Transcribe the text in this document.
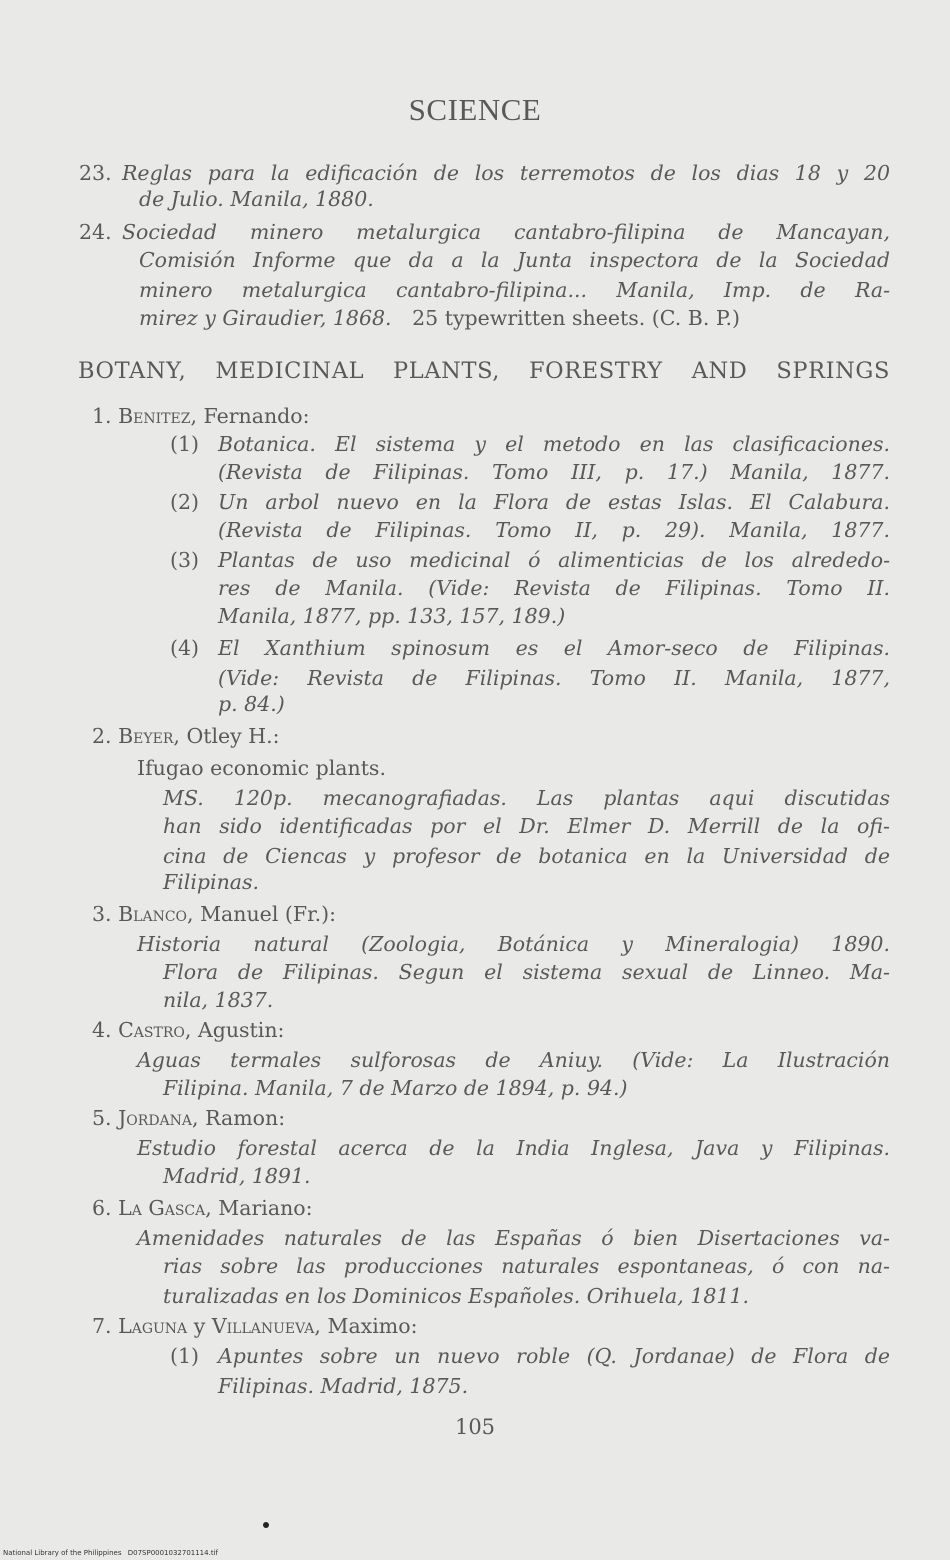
SCIENCE
23. Reglas para la edificación de los terremotos de los dias 18 y 20
de Julio. Manila, 1880.
24. Sociedad minero metalurgica cantabro-filipina de Mancayan,
Comisión Informe que da a la Junta inspectora de la Sociedad
minero metalurgica cantabro-filipina... Manila, Imp. de Ra-
mirez y Giraudier, 1868. 25 typewritten sheets. (C. B. P.)
BOTANY, MEDICINAL PLANTS, FORESTRY AND SPRINGS
1. Benitez, Fernando:
(1) Botanica. El sistema y el metodo en las clasificaciones.
(Revista de Filipinas. Tomo III, p. 17.) Manila, 1877.
(2) Un arbol nuevo en la Flora de estas Islas. El Calabura.
(Revista de Filipinas. Tomo II, p. 29). Manila, 1877.
(3) Plantas de uso medicinal ó alimenticias de los alrededo-
res de Manila. (Vide: Revista de Filipinas. Tomo II.
Manila, 1877, pp. 133, 157, 189.)
(4) El Xanthium spinosum es el Amor-seco de Filipinas.
(Vide: Revista de Filipinas. Tomo II. Manila, 1877,
p. 84.)
2. Beyer, Otley H.:
Ifugao economic plants.
MS. 120p. mecanografiadas. Las plantas aqui discutidas
han sido identificadas por el Dr. Elmer D. Merrill de la ofi-
cina de Ciencas y profesor de botanica en la Universidad de
Filipinas.
3. Blanco, Manuel (Fr.):
Historia natural (Zoologia, Botánica y Mineralogia) 1890.
Flora de Filipinas. Segun el sistema sexual de Linneo. Ma-
nila, 1837.
4. Castro, Agustin:
Aguas termales sulforosas de Aniuy. (Vide: La Ilustración
Filipina. Manila, 7 de Marzo de 1894, p. 94.)
5. Jordana, Ramon:
Estudio forestal acerca de la India Inglesa, Java y Filipinas.
Madrid, 1891.
6. La Gasca, Mariano:
Amenidades naturales de las Españas ó bien Disertaciones va-
rias sobre las producciones naturales espontaneas, ó con na-
turalizadas en los Dominicos Españoles. Orihuela, 1811.
7. Laguna y Villanueva, Maximo:
(1) Apuntes sobre un nuevo roble (Q. Jordanae) de Flora de
Filipinas. Madrid, 1875.
105
National Library of the Philippines D07SP0001032701114.tif
